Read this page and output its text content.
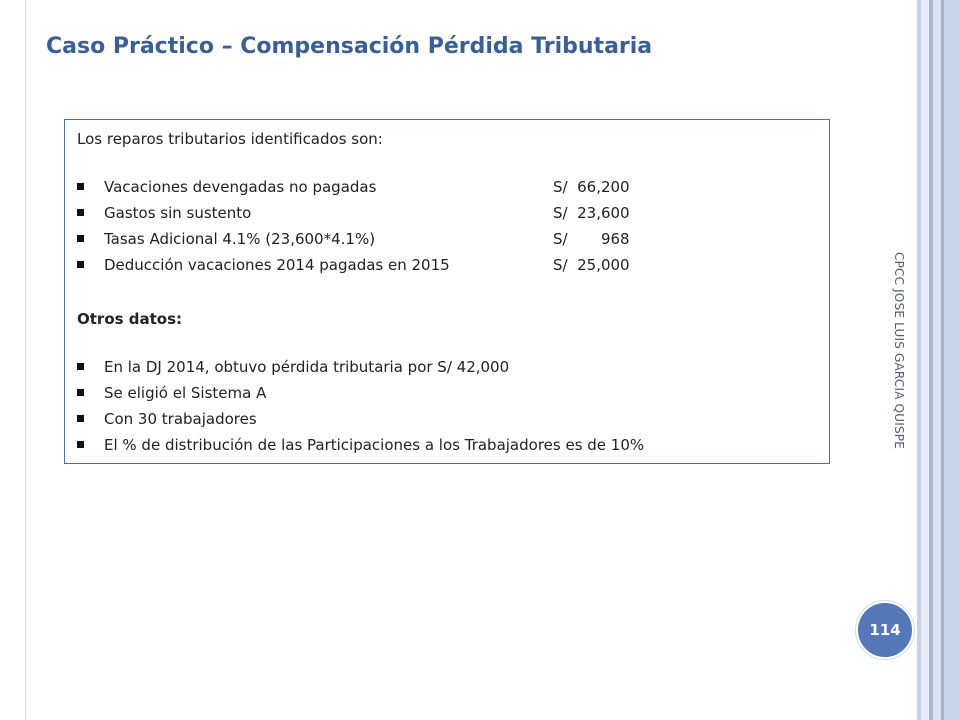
Caso Práctico – Compensación Pérdida Tributaria
Los reparos tributarios identificados son:
Vacaciones devengadas no pagadas	S/  66,200
Gastos sin sustento	S/  23,600
Tasas Adicional 4.1% (23,600*4.1%)	S/       968
Deducción vacaciones 2014 pagadas en 2015	S/  25,000
Otros datos:
En la DJ 2014, obtuvo pérdida tributaria por S/ 42,000
Se eligió el Sistema A
Con 30 trabajadores
El % de distribución de las Participaciones a los Trabajadores es de 10%	CPCC JOSE LUIS GARCIA QUISPE
114
